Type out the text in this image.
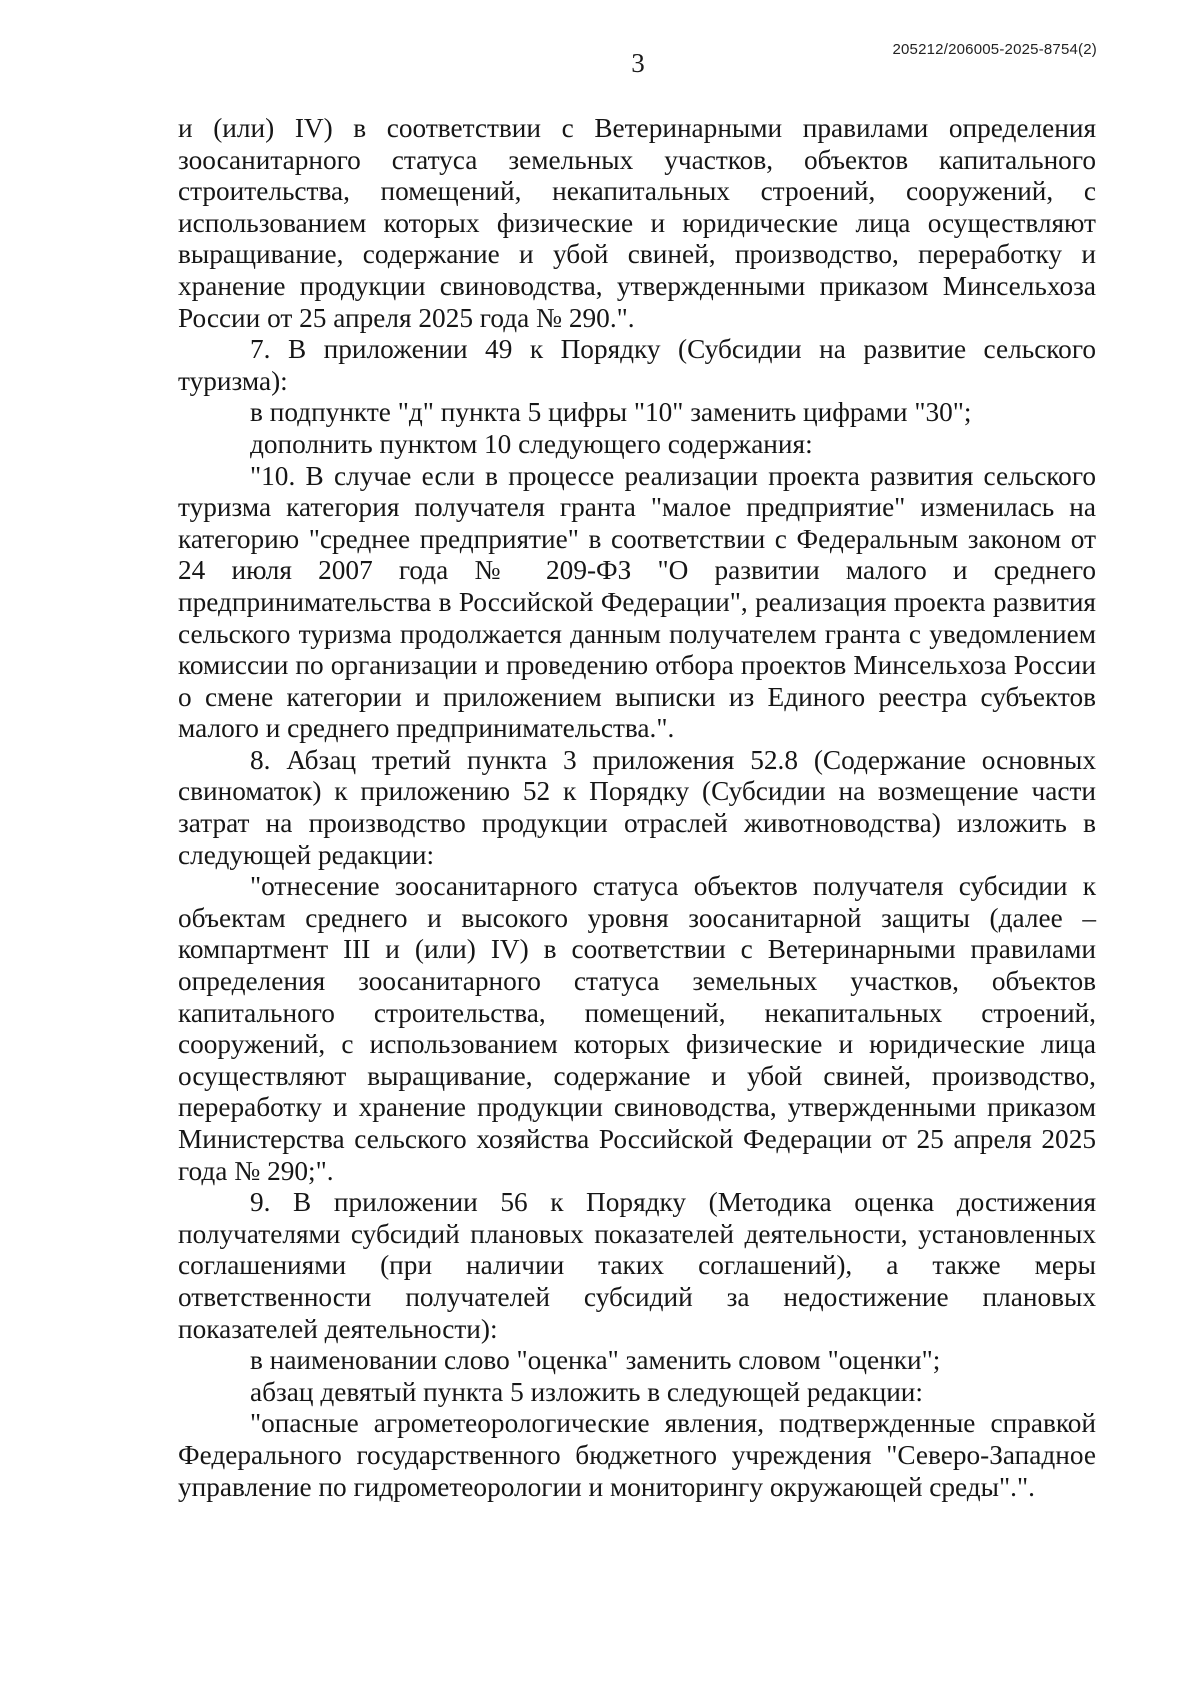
205212/206005-2025-8754(2)
3

и (или) IV) в соответствии с Ветеринарными правилами определения зоосанитарного статуса земельных участков, объектов капитального строительства, помещений, некапитальных строений, сооружений, с использованием которых физические и юридические лица осуществляют выращивание, содержание и убой свиней, производство, переработку и хранение продукции свиноводства, утвержденными приказом Минсельхоза России от 25 апреля 2025 года № 290.".

7. В приложении 49 к Порядку (Субсидии на развитие сельского туризма):

в подпункте "д" пункта 5 цифры "10" заменить цифрами "30";

дополнить пунктом 10 следующего содержания:

"10. В случае если в процессе реализации проекта развития сельского туризма категория получателя гранта "малое предприятие" изменилась на категорию "среднее предприятие" в соответствии с Федеральным законом от 24 июля 2007 года № 209-ФЗ "О развитии малого и среднего предпринимательства в Российской Федерации", реализация проекта развития сельского туризма продолжается данным получателем гранта с уведомлением комиссии по организации и проведению отбора проектов Минсельхоза России о смене категории и приложением выписки из Единого реестра субъектов малого и среднего предпринимательства.".

8. Абзац третий пункта 3 приложения 52.8 (Содержание основных свиноматок) к приложению 52 к Порядку (Субсидии на возмещение части затрат на производство продукции отраслей животноводства) изложить в следующей редакции:

"отнесение зоосанитарного статуса объектов получателя субсидии к объектам среднего и высокого уровня зоосанитарной защиты (далее – компартмент III и (или) IV) в соответствии с Ветеринарными правилами определения зоосанитарного статуса земельных участков, объектов капитального строительства, помещений, некапитальных строений, сооружений, с использованием которых физические и юридические лица осуществляют выращивание, содержание и убой свиней, производство, переработку и хранение продукции свиноводства, утвержденными приказом Министерства сельского хозяйства Российской Федерации от 25 апреля 2025 года № 290;".

9. В приложении 56 к Порядку (Методика оценка достижения получателями субсидий плановых показателей деятельности, установленных соглашениями (при наличии таких соглашений), а также меры ответственности получателей субсидий за недостижение плановых показателей деятельности):

в наименовании слово "оценка" заменить словом "оценки";

абзац девятый пункта 5 изложить в следующей редакции:

"опасные агрометеорологические явления, подтвержденные справкой Федерального государственного бюджетного учреждения "Северо-Западное управление по гидрометеорологии и мониторингу окружающей среды".".
